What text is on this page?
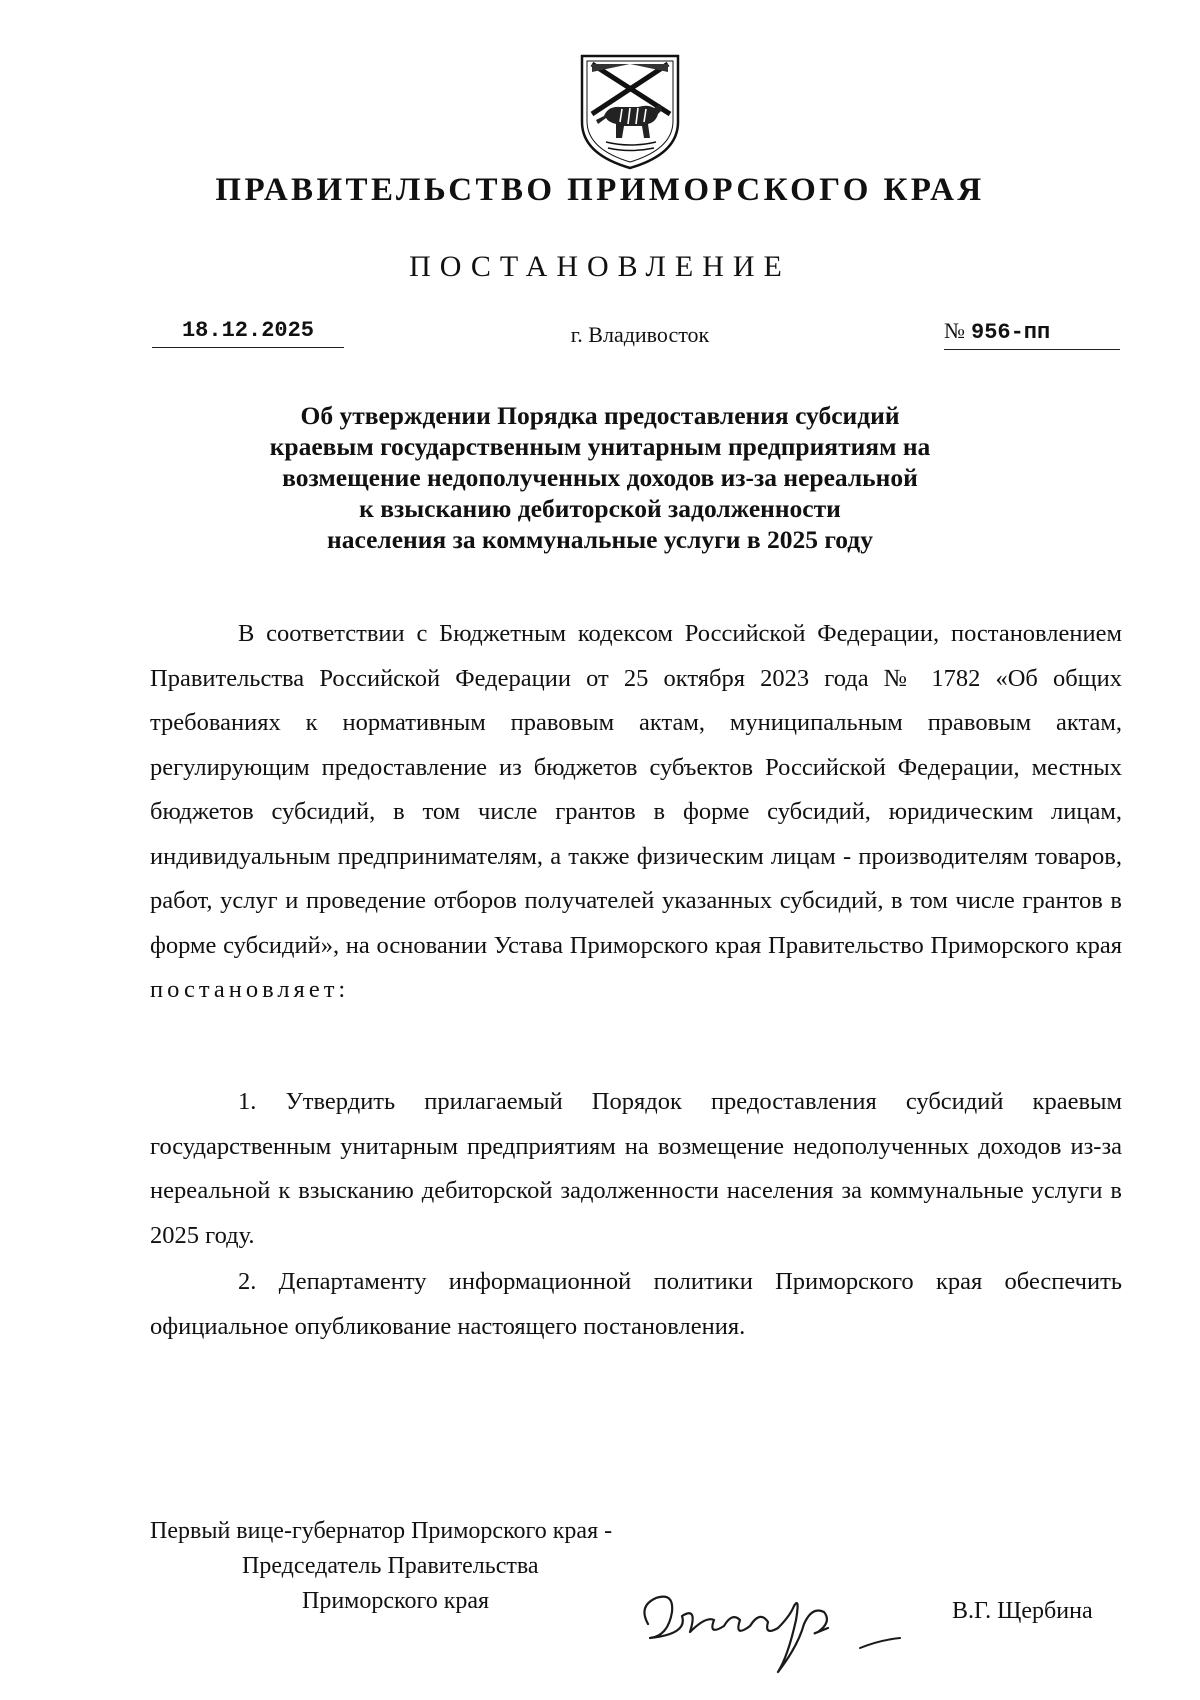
ПРАВИТЕЛЬСТВО ПРИМОРСКОГО КРАЯ
ПОСТАНОВЛЕНИЕ
18.12.2025	г. Владивосток	№ 956-пп
Об утверждении Порядка предоставления субсидий
краевым государственным унитарным предприятиям на
возмещение недополученных доходов из-за нереальной
к взысканию дебиторской задолженности
населения за коммунальные услуги в 2025 году
В соответствии с Бюджетным кодексом Российской Федерации, постановлением Правительства Российской Федерации от 25 октября 2023 года № 1782 «Об общих требованиях к нормативным правовым актам, муниципальным правовым актам, регулирующим предоставление из бюджетов субъектов Российской Федерации, местных бюджетов субсидий, в том числе грантов в форме субсидий, юридическим лицам, индивидуальным предпринимателям, а также физическим лицам - производителям товаров, работ, услуг и проведение отборов получателей указанных субсидий, в том числе грантов в форме субсидий», на основании Устава Приморского края Правительство Приморского края постановляет:
1. Утвердить прилагаемый Порядок предоставления субсидий краевым государственным унитарным предприятиям на возмещение недополученных доходов из-за нереальной к взысканию дебиторской задолженности населения за коммунальные услуги в 2025 году.
2. Департаменту информационной политики Приморского края обеспечить официальное опубликование настоящего постановления.
Первый вице-губернатор Приморского края -
Председатель Правительства
Приморского края	В.Г. Щербина
